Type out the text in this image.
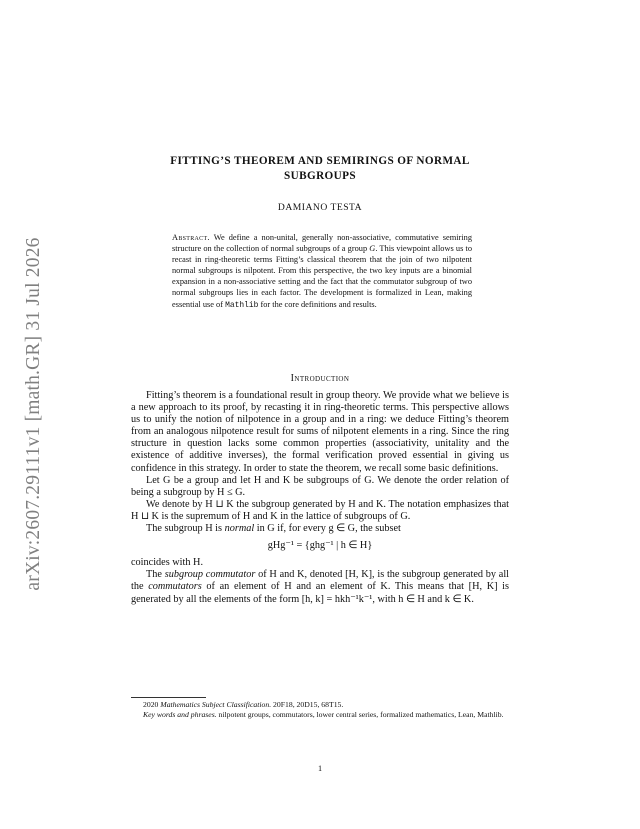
arXiv:2607.29111v1 [math.GR] 31 Jul 2026
FITTING’S THEOREM AND SEMIRINGS OF NORMAL
SUBGROUPS
DAMIANO TESTA
Abstract. We define a non-unital, generally non-associative, commutative semiring structure on the collection of normal subgroups of a group G. This viewpoint allows us to recast in ring-theoretic terms Fitting’s classical theorem that the join of two nilpotent normal subgroups is nilpotent. From this perspective, the two key inputs are a binomial expansion in a non-associative setting and the fact that the commutator subgroup of two normal subgroups lies in each factor. The development is formalized in Lean, making essential use of Mathlib for the core definitions and results.
Introduction

Fitting’s theorem is a foundational result in group theory. We provide what we believe is a new approach to its proof, by recasting it in ring-theoretic terms. This perspective allows us to unify the notion of nilpotence in a group and in a ring: we deduce Fitting’s theorem from an analogous nilpotence result for sums of nilpotent elements in a ring. Since the ring structure in question lacks some common properties (associativity, unitality and the existence of additive inverses), the formal verification proved essential in giving us confidence in this strategy. In order to state the theorem, we recall some basic definitions.

Let G be a group and let H and K be subgroups of G. We denote the order relation of being a subgroup by H ≤ G.

We denote by H ⊔ K the subgroup generated by H and K. The notation emphasizes that H ⊔ K is the supremum of H and K in the lattice of subgroups of G.

The subgroup H is normal in G if, for every g ∈ G, the subset

gHg⁻¹ = {ghg⁻¹ | h ∈ H}

coincides with H.

The subgroup commutator of H and K, denoted [H, K], is the subgroup generated by all the commutators of an element of H and an element of K. This means that [H, K] is generated by all the elements of the form [h, k] = hkh⁻¹k⁻¹, with h ∈ H and k ∈ K.

2020 Mathematics Subject Classification. 20F18, 20D15, 68T15.

Key words and phrases. nilpotent groups, commutators, lower central series, formalized mathematics, Lean, Mathlib.

1
